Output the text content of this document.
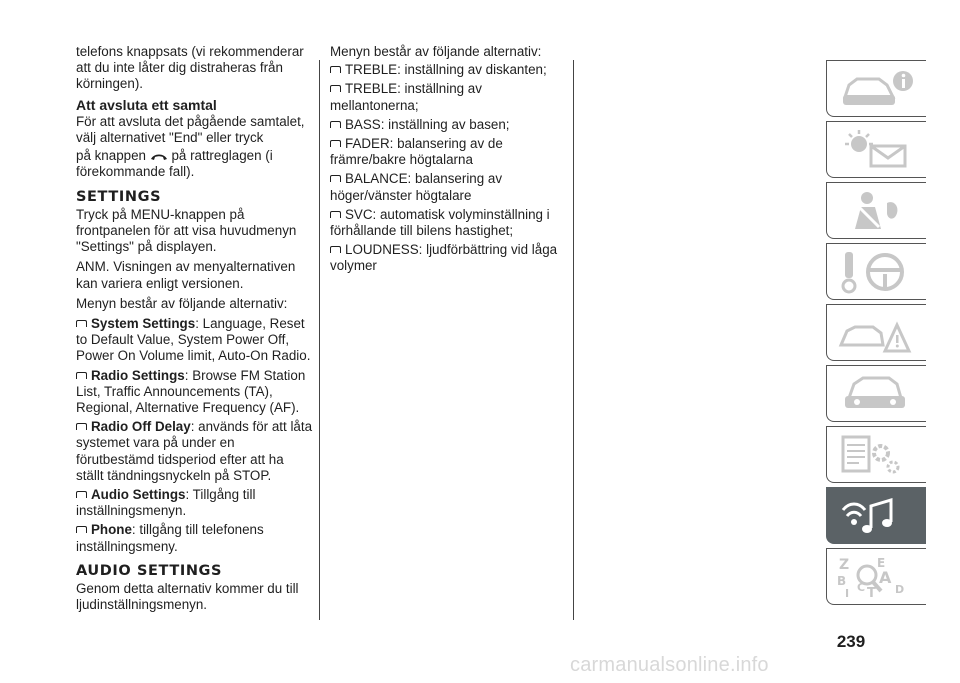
telefons knappsats (vi rekommenderar att du inte låter dig distraheras från körningen).

Att avsluta ett samtal

För att avsluta det pågående samtalet, välj alternativet "End" eller tryck

på knappen på rattreglagen (i förekommande fall).

SETTINGS

Tryck på MENU-knappen på frontpanelen för att visa huvudmenyn "Settings" på displayen.

ANM. Visningen av menyalternativen kan variera enligt versionen.

Menyn består av följande alternativ:

System Settings: Language, Reset to Default Value, System Power Off, Power On Volume limit, Auto-On Radio.
Radio Settings: Browse FM Station List, Traffic Announcements (TA), Regional, Alternative Frequency (AF).
Radio Off Delay: används för att låta systemet vara på under en förutbestämd tidsperiod efter att ha ställt tändningsnyckeln på STOP.
Audio Settings: Tillgång till inställningsmenyn.
Phone: tillgång till telefonens inställningsmeny.
AUDIO SETTINGS

Genom detta alternativ kommer du till ljudinställningsmenyn.

Menyn består av följande alternativ:

TREBLE: inställning av diskanten;
TREBLE: inställning av mellantonerna;
BASS: inställning av basen;
FADER: balansering av de främre/bakre högtalarna
BALANCE: balansering av höger/vänster högtalare
SVC: automatisk volyminställning i förhållande till bilens hastighet;
LOUDNESS: ljudförbättring vid låga volymer
Z E
B A
D
I C T
239
carmanualsonline.info
